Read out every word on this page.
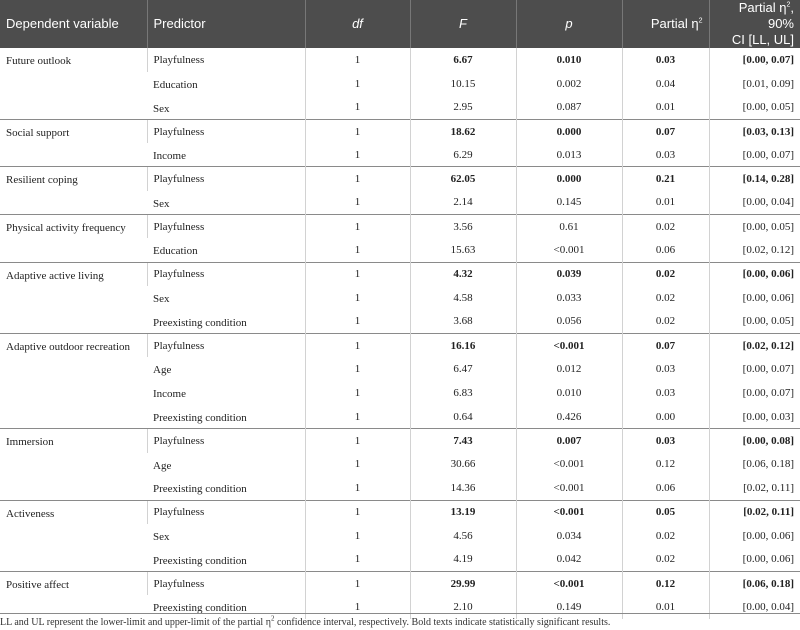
Dependent variable	Predictor	df	F	p	Partial $\eta^2$	Partial $\eta^2$, 90%
CI [LL, UL]
Future outlook	Playfulness	1	6.67	0.010	0.03	[0.00, 0.07]
	Education	1	10.15	0.002	0.04	[0.01, 0.09]
	Sex	1	2.95	0.087	0.01	[0.00, 0.05]
Social support	Playfulness	1	18.62	0.000	0.07	[0.03, 0.13]
	Income	1	6.29	0.013	0.03	[0.00, 0.07]
Resilient coping	Playfulness	1	62.05	0.000	0.21	[0.14, 0.28]
	Sex	1	2.14	0.145	0.01	[0.00, 0.04]
Physical activity frequency	Playfulness	1	3.56	0.61	0.02	[0.00, 0.05]
	Education	1	15.63	<0.001	0.06	[0.02, 0.12]
Adaptive active living	Playfulness	1	4.32	0.039	0.02	[0.00, 0.06]
	Sex	1	4.58	0.033	0.02	[0.00, 0.06]
	Preexisting condition	1	3.68	0.056	0.02	[0.00, 0.05]
Adaptive outdoor recreation	Playfulness	1	16.16	<0.001	0.07	[0.02, 0.12]
	Age	1	6.47	0.012	0.03	[0.00, 0.07]
	Income	1	6.83	0.010	0.03	[0.00, 0.07]
	Preexisting condition	1	0.64	0.426	0.00	[0.00, 0.03]
Immersion	Playfulness	1	7.43	0.007	0.03	[0.00, 0.08]
	Age	1	30.66	<0.001	0.12	[0.06, 0.18]
	Preexisting condition	1	14.36	<0.001	0.06	[0.02, 0.11]
Activeness	Playfulness	1	13.19	<0.001	0.05	[0.02, 0.11]
	Sex	1	4.56	0.034	0.02	[0.00, 0.06]
	Preexisting condition	1	4.19	0.042	0.02	[0.00, 0.06]
Positive affect	Playfulness	1	29.99	<0.001	0.12	[0.06, 0.18]
	Preexisting condition	1	2.10	0.149	0.01	[0.00, 0.04]
LL and UL represent the lower-limit and upper-limit of the partial $\eta^2$ confidence interval, respectively. Bold texts indicate statistically significant results.
